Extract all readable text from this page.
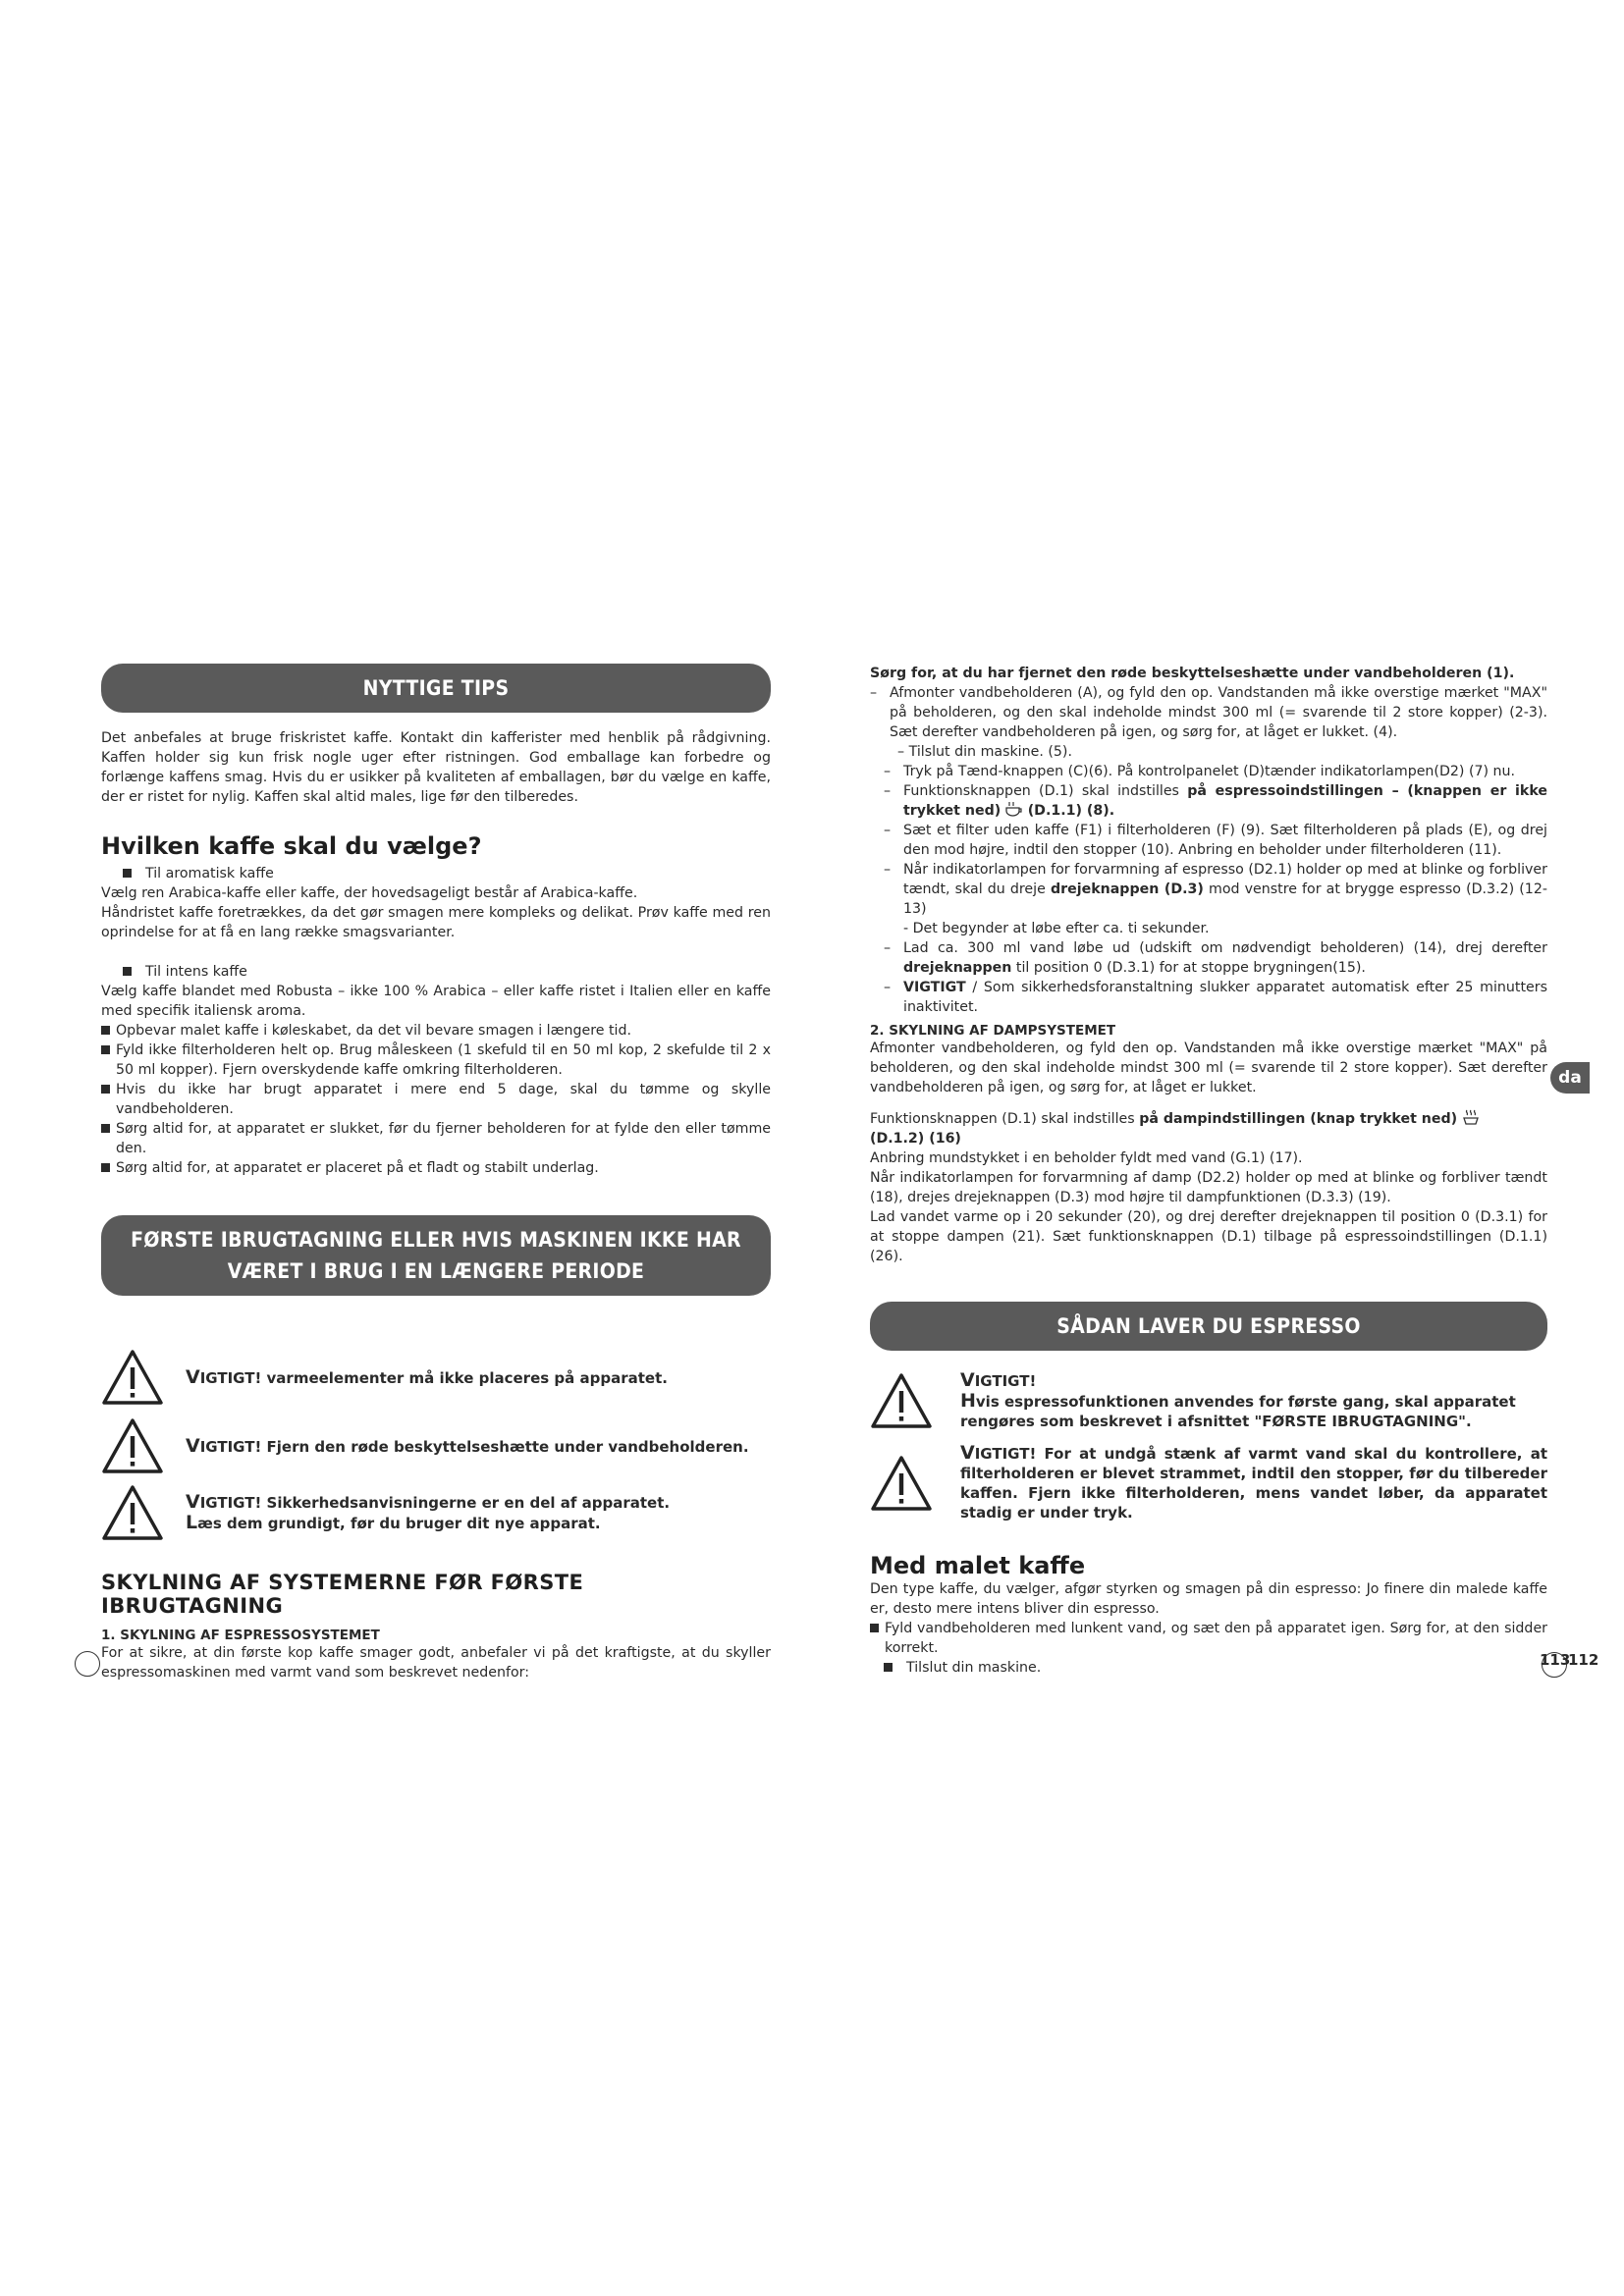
NYTTIGE TIPS

Det anbefales at bruge friskristet kaffe. Kontakt din kafferister med henblik på rådgivning. Kaffen holder sig kun frisk nogle uger efter ristningen. God emballage kan forbedre og forlænge kaffens smag. Hvis du er usikker på kvaliteten af emballagen, bør du vælge en kaffe, der er ristet for nylig. Kaffen skal altid males, lige før den tilberedes.

Hvilken kaffe skal du vælge?
Til aromatisk kaffe

Vælg ren Arabica-kaffe eller kaffe, der hovedsageligt består af Arabica-kaffe.

Håndristet kaffe foretrækkes, da det gør smagen mere kompleks og delikat. Prøv kaffe med ren oprindelse for at få en lang række smagsvarianter.

Til intens kaffe

Vælg kaffe blandet med Robusta – ikke 100 % Arabica – eller kaffe ristet i Italien eller en kaffe med specifik italiensk aroma.

Opbevar malet kaffe i køleskabet, da det vil bevare smagen i længere tid.
Fyld ikke filterholderen helt op. Brug måleskeen (1 skefuld til en 50 ml kop, 2 skefulde til 2 x 50 ml kopper). Fjern overskydende kaffe omkring filterholderen.
Hvis du ikke har brugt apparatet i mere end 5 dage, skal du tømme og skylle vandbeholderen.
Sørg altid for, at apparatet er slukket, før du fjerner beholderen for at fylde den eller tømme den.
Sørg altid for, at apparatet er placeret på et fladt og stabilt underlag.
FØRSTE IBRUGTAGNING ELLER HVIS MASKINEN IKKE HAR
VÆRET I BRUG I EN LÆNGERE PERIODE
VIGTIGT! varmeelementer må ikke placeres på apparatet.
VIGTIGT! Fjern den røde beskyttelseshætte under vandbeholderen.
VIGTIGT! Sikkerhedsanvisningerne er en del af apparatet.
Læs dem grundigt, før du bruger dit nye apparat.
SKYLNING AF SYSTEMERNE FØR FØRSTE IBRUGTAGNING

1. SKYLNING AF ESPRESSOSYSTEMET

For at sikre, at din første kop kaffe smager godt, anbefaler vi på det kraftigste, at du skyller espressomaskinen med varmt vand som beskrevet nedenfor:

Sørg for, at du har fjernet den røde beskyttelseshætte under vandbeholderen (1).

– Afmonter vandbeholderen (A), og fyld den op. Vandstanden må ikke overstige mærket "MAX" på beholderen, og den skal indeholde mindst 300 ml (= svarende til 2 store kopper) (2-3). Sæt derefter vandbeholderen på igen, og sørg for, at låget er lukket. (4).
– Tilslut din maskine. (5).
– Tryk på Tænd-knappen (C)(6). På kontrolpanelet (D)tænder indikatorlampen(D2) (7) nu.
– Funktionsknappen (D.1) skal indstilles på espressoindstillingen – (knappen er ikke trykket ned)  (D.1.1) (8).
– Sæt et filter uden kaffe (F1) i filterholderen (F) (9). Sæt filterholderen på plads (E), og drej den mod højre, indtil den stopper (10). Anbring en beholder under filterholderen (11).
– Når indikatorlampen for forvarmning af espresso (D2.1) holder op med at blinke og forbliver tændt, skal du dreje drejeknappen (D.3) mod venstre for at brygge espresso (D.3.2) (12-13)
- Det begynder at løbe efter ca. ti sekunder.
– Lad ca. 300 ml vand løbe ud (udskift om nødvendigt beholderen) (14), drej derefter drejeknappen til position 0 (D.3.1) for at stoppe brygningen(15).
– VIGTIGT / Som sikkerhedsforanstaltning slukker apparatet automatisk efter 25 minutters inaktivitet.

2. SKYLNING AF DAMPSYSTEMET

Afmonter vandbeholderen, og fyld den op. Vandstanden må ikke overstige mærket "MAX" på beholderen, og den skal indeholde mindst 300 ml (= svarende til 2 store kopper). Sæt derefter vandbeholderen på igen, og sørg for, at låget er lukket.

Funktionsknappen (D.1) skal indstilles på dampindstillingen (knap trykket ned)
(D.1.2) (16)

Anbring mundstykket i en beholder fyldt med vand (G.1) (17).

Når indikatorlampen for forvarmning af damp (D2.2) holder op med at blinke og forbliver tændt (18), drejes drejeknappen (D.3) mod højre til dampfunktionen (D.3.3) (19).

Lad vandet varme op i 20 sekunder (20), og drej derefter drejeknappen til position 0 (D.3.1) for at stoppe dampen (21). Sæt funktionsknappen (D.1) tilbage på espressoindstillingen (D.1.1) (26).

SÅDAN LAVER DU ESPRESSO
VIGTIGT!
Hvis espressofunktionen anvendes for første gang, skal apparatet rengøres som beskrevet i afsnittet "FØRSTE IBRUGTAGNING".
VIGTIGT! For at undgå stænk af varmt vand skal du kontrollere, at filterholderen er blevet strammet, indtil den stopper, før du tilbereder kaffen. Fjern ikke filterholderen, mens vandet løber, da apparatet stadig er under tryk.
Med malet kaffe

Den type kaffe, du vælger, afgør styrken og smagen på din espresso: Jo finere din malede kaffe er, desto mere intens bliver din espresso.

Fyld vandbeholderen med lunkent vand, og sæt den på apparatet igen. Sørg for, at den sidder korrekt.
Tilslut din maskine.
da
113
112
